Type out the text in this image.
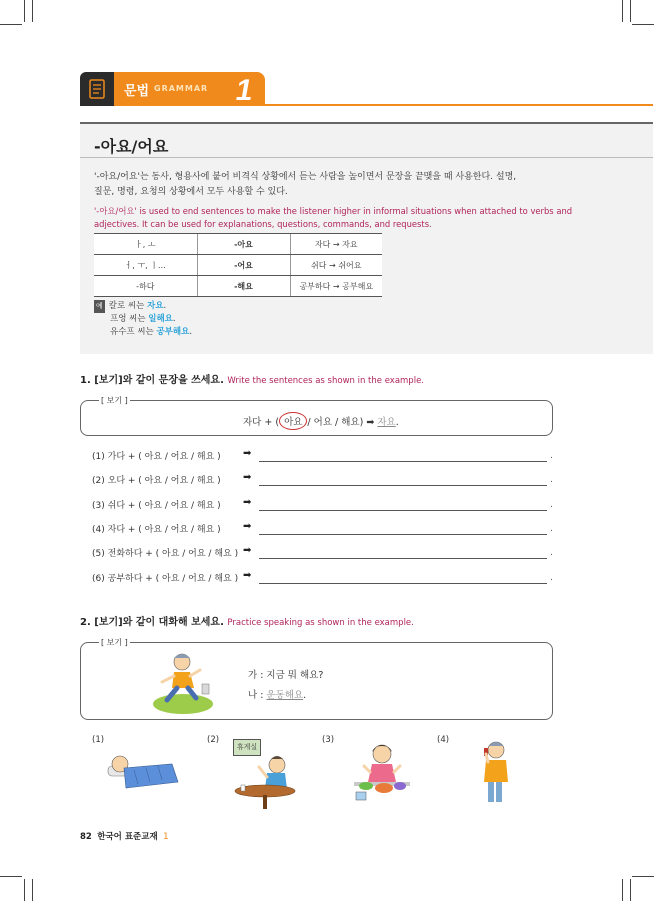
문법 GRAMMAR 1
-아요/어요
'-아요/어요'는 동사, 형용사에 붙어 비격식 상황에서 듣는 사람을 높이면서 문장을 끝맺을 때 사용한다. 설명,
질문, 명령, 요청의 상황에서 모두 사용할 수 있다.
'-아요/어요' is used to end sentences to make the listener higher in informal situations when attached to verbs and
adjectives. It can be used for explanations, questions, commands, and requests.
ㅏ, ㅗ	-아요	자다 → 자요
ㅓ, ㅜ, ㅣ…	-어요	쉬다 → 쉬어요
-하다	-해요	공부하다 → 공부해요
예 칼로 씨는 자요.
프엉 씨는 일해요.
유수프 씨는 공부해요.
1. [보기]와 같이 문장을 쓰세요. Write the sentences as shown in the example.
[ 보기 ]
자다 + ( 아요 / 어요 / 해요) ➡ 자요.
(1) 가다 + ( 아요 / 어요 / 해요 ) ➡	.
(2) 오다 + ( 아요 / 어요 / 해요 ) ➡	.
(3) 쉬다 + ( 아요 / 어요 / 해요 ) ➡	.
(4) 자다 + ( 아요 / 어요 / 해요 ) ➡	.
(5) 전화하다 + ( 아요 / 어요 / 해요 ) ➡	.
(6) 공부하다 + ( 아요 / 어요 / 해요 ) ➡	.
2. [보기]와 같이 대화해 보세요. Practice speaking as shown in the example.
[ 보기 ]
가 : 지금 뭐 해요?
나 : 운동해요.
(1)	(2)	(3)	(4)
휴게실
82 한국어 표준교재 1
